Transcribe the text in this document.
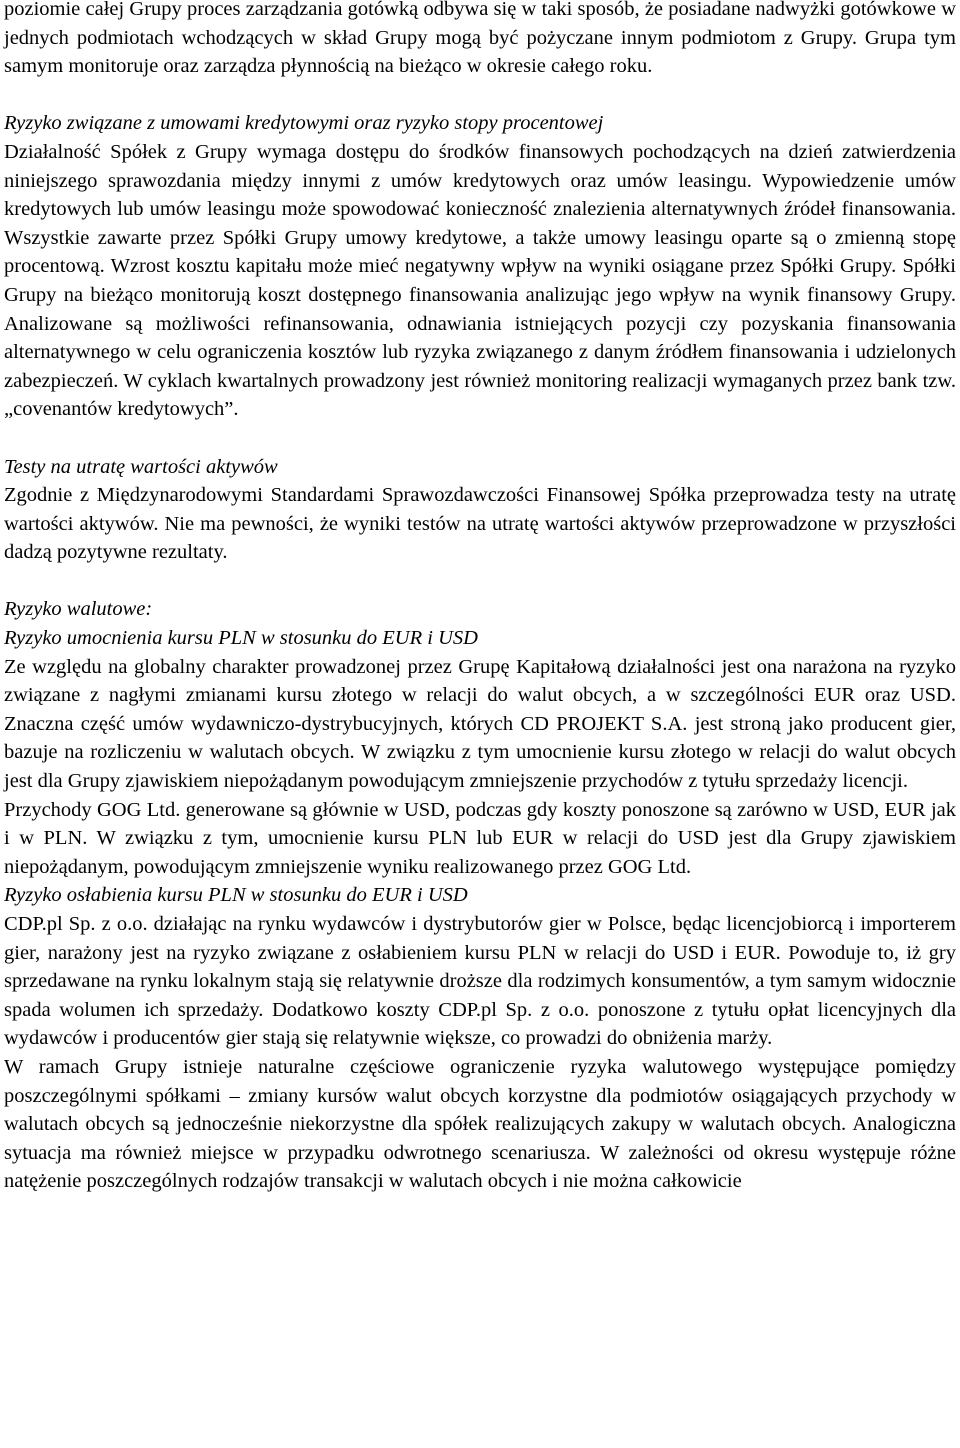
poziomie całej Grupy proces zarządzania gotówką odbywa się w taki sposób, że posiadane nadwyżki gotówkowe w jednych podmiotach wchodzących w skład Grupy mogą być pożyczane innym podmiotom z Grupy. Grupa tym samym monitoruje oraz zarządza płynnością na bieżąco w okresie całego roku.

Ryzyko związane z umowami kredytowymi oraz ryzyko stopy procentowej

Działalność Spółek z Grupy wymaga dostępu do środków finansowych pochodzących na dzień zatwierdzenia niniejszego sprawozdania między innymi z umów kredytowych oraz umów leasingu. Wypowiedzenie umów kredytowych lub umów leasingu może spowodować konieczność znalezienia alternatywnych źródeł finansowania. Wszystkie zawarte przez Spółki Grupy umowy kredytowe, a także umowy leasingu oparte są o zmienną stopę procentową. Wzrost kosztu kapitału może mieć negatywny wpływ na wyniki osiągane przez Spółki Grupy. Spółki Grupy na bieżąco monitorują koszt dostępnego finansowania analizując jego wpływ na wynik finansowy Grupy. Analizowane są możliwości refinansowania, odnawiania istniejących pozycji czy pozyskania finansowania alternatywnego w celu ograniczenia kosztów lub ryzyka związanego z danym źródłem finansowania i udzielonych zabezpieczeń. W cyklach kwartalnych prowadzony jest również monitoring realizacji wymaganych przez bank tzw. „covenantów kredytowych”.

Testy na utratę wartości aktywów

Zgodnie z Międzynarodowymi Standardami Sprawozdawczości Finansowej Spółka przeprowadza testy na utratę wartości aktywów. Nie ma pewności, że wyniki testów na utratę wartości aktywów przeprowadzone w przyszłości dadzą pozytywne rezultaty.

Ryzyko walutowe:

Ryzyko umocnienia kursu PLN w stosunku do EUR i USD

Ze względu na globalny charakter prowadzonej przez Grupę Kapitałową działalności jest ona narażona na ryzyko związane z nagłymi zmianami kursu złotego w relacji do walut obcych, a w szczególności EUR oraz USD. Znaczna część umów wydawniczo-dystrybucyjnych, których CD PROJEKT S.A. jest stroną jako producent gier, bazuje na rozliczeniu w walutach obcych. W związku z tym umocnienie kursu złotego w relacji do walut obcych jest dla Grupy zjawiskiem niepożądanym powodującym zmniejszenie przychodów z tytułu sprzedaży licencji.

Przychody GOG Ltd. generowane są głównie w USD, podczas gdy koszty ponoszone są zarówno w USD, EUR jak i w PLN. W związku z tym, umocnienie kursu PLN lub EUR w relacji do USD jest dla Grupy zjawiskiem niepożądanym, powodującym zmniejszenie wyniku realizowanego przez GOG Ltd.

Ryzyko osłabienia kursu PLN w stosunku do EUR i USD

CDP.pl Sp. z o.o. działając na rynku wydawców i dystrybutorów gier w Polsce, będąc licencjobiorcą i importerem gier, narażony jest na ryzyko związane z osłabieniem kursu PLN w relacji do USD i EUR. Powoduje to, iż gry sprzedawane na rynku lokalnym stają się relatywnie droższe dla rodzimych konsumentów, a tym samym widocznie spada wolumen ich sprzedaży. Dodatkowo koszty CDP.pl Sp. z o.o. ponoszone z tytułu opłat licencyjnych dla wydawców i producentów gier stają się relatywnie większe, co prowadzi do obniżenia marży.

W ramach Grupy istnieje naturalne częściowe ograniczenie ryzyka walutowego występujące pomiędzy poszczególnymi spółkami – zmiany kursów walut obcych korzystne dla podmiotów osiągających przychody w walutach obcych są jednocześnie niekorzystne dla spółek realizujących zakupy w walutach obcych. Analogiczna sytuacja ma również miejsce w przypadku odwrotnego scenariusza. W zależności od okresu występuje różne natężenie poszczególnych rodzajów transakcji w walutach obcych i nie można całkowicie
